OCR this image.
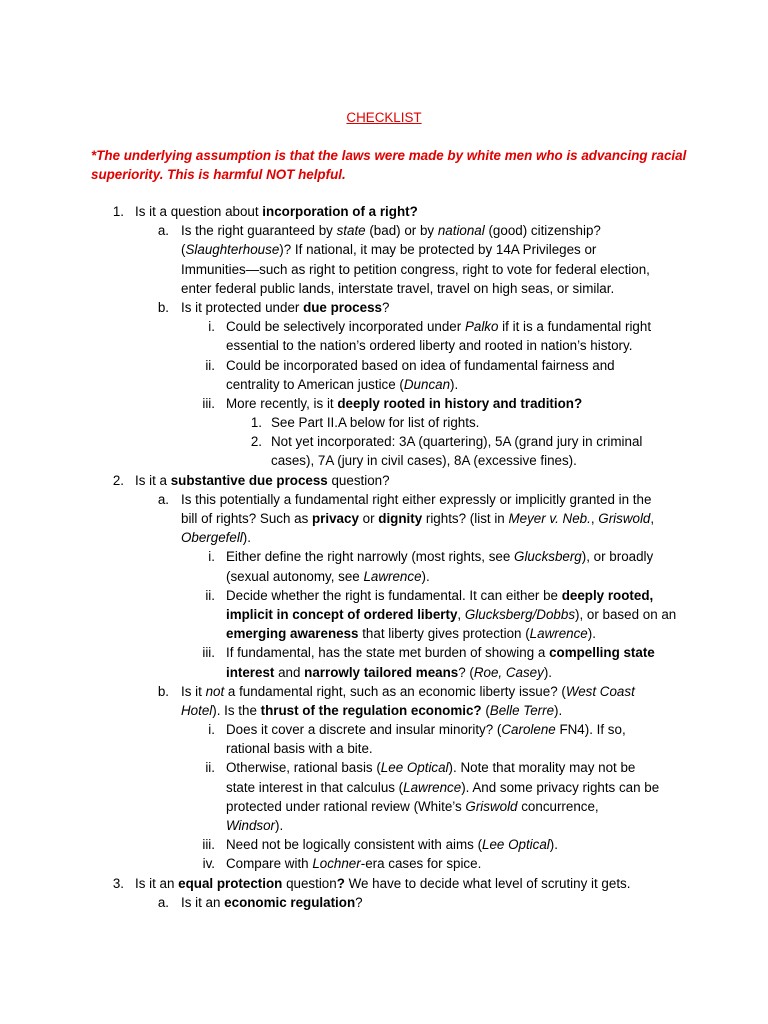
CHECKLIST
*The underlying assumption is that the laws were made by white men who is advancing racial superiority. This is harmful NOT helpful.
1. Is it a question about incorporation of a right?
a. Is the right guaranteed by state (bad) or by national (good) citizenship?
(Slaughterhouse)? If national, it may be protected by 14A Privileges or
Immunities—such as right to petition congress, right to vote for federal election,
enter federal public lands, interstate travel, travel on high seas, or similar.
b. Is it protected under due process?
i. Could be selectively incorporated under Palko if it is a fundamental right
essential to the nation’s ordered liberty and rooted in nation’s history.
ii. Could be incorporated based on idea of fundamental fairness and
centrality to American justice (Duncan).
iii. More recently, is it deeply rooted in history and tradition?
1. See Part II.A below for list of rights.
2. Not yet incorporated: 3A (quartering), 5A (grand jury in criminal
cases), 7A (jury in civil cases), 8A (excessive fines).
2. Is it a substantive due process question?
a. Is this potentially a fundamental right either expressly or implicitly granted in the
bill of rights? Such as privacy or dignity rights? (list in Meyer v. Neb., Griswold,
Obergefell).
i. Either define the right narrowly (most rights, see Glucksberg), or broadly
(sexual autonomy, see Lawrence).
ii. Decide whether the right is fundamental. It can either be deeply rooted,
implicit in concept of ordered liberty, Glucksberg/Dobbs), or based on an
emerging awareness that liberty gives protection (Lawrence).
iii. If fundamental, has the state met burden of showing a compelling state
interest and narrowly tailored means? (Roe, Casey).
b. Is it not a fundamental right, such as an economic liberty issue? (West Coast
Hotel). Is the thrust of the regulation economic? (Belle Terre).
i. Does it cover a discrete and insular minority? (Carolene FN4). If so,
rational basis with a bite.
ii. Otherwise, rational basis (Lee Optical). Note that morality may not be
state interest in that calculus (Lawrence). And some privacy rights can be
protected under rational review (White’s Griswold concurrence,
Windsor).
iii. Need not be logically consistent with aims (Lee Optical).
iv. Compare with Lochner-era cases for spice.
3. Is it an equal protection question? We have to decide what level of scrutiny it gets.
a. Is it an economic regulation?
